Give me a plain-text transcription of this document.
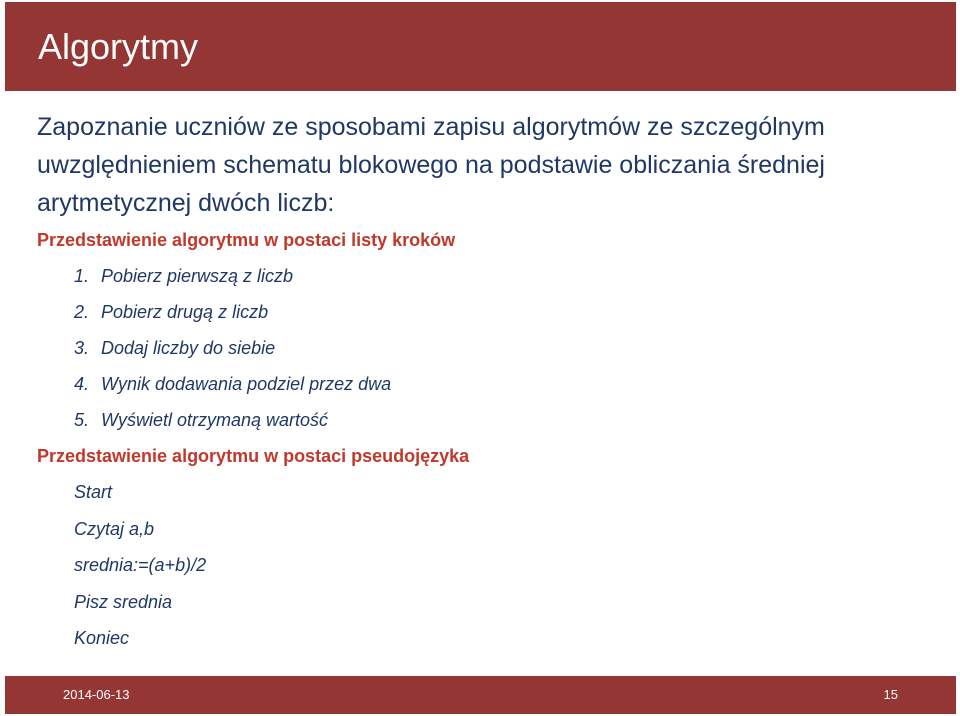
Algorytmy

Zapoznanie uczniów ze sposobami zapisu algorytmów ze szczególnym uwzględnieniem schematu blokowego na podstawie obliczania średniej arytmetycznej dwóch liczb:

Przedstawienie algorytmu w postaci listy kroków

1. Pobierz pierwszą z liczb
2. Pobierz drugą z liczb
3. Dodaj liczby do siebie
4. Wynik dodawania podziel przez dwa
5. Wyświetl otrzymaną wartość

Przedstawienie algorytmu w postaci pseudojęzyka

Start
Czytaj a,b
srednia:=(a+b)/2
Pisz srednia
Koniec
2014-06-13	15
